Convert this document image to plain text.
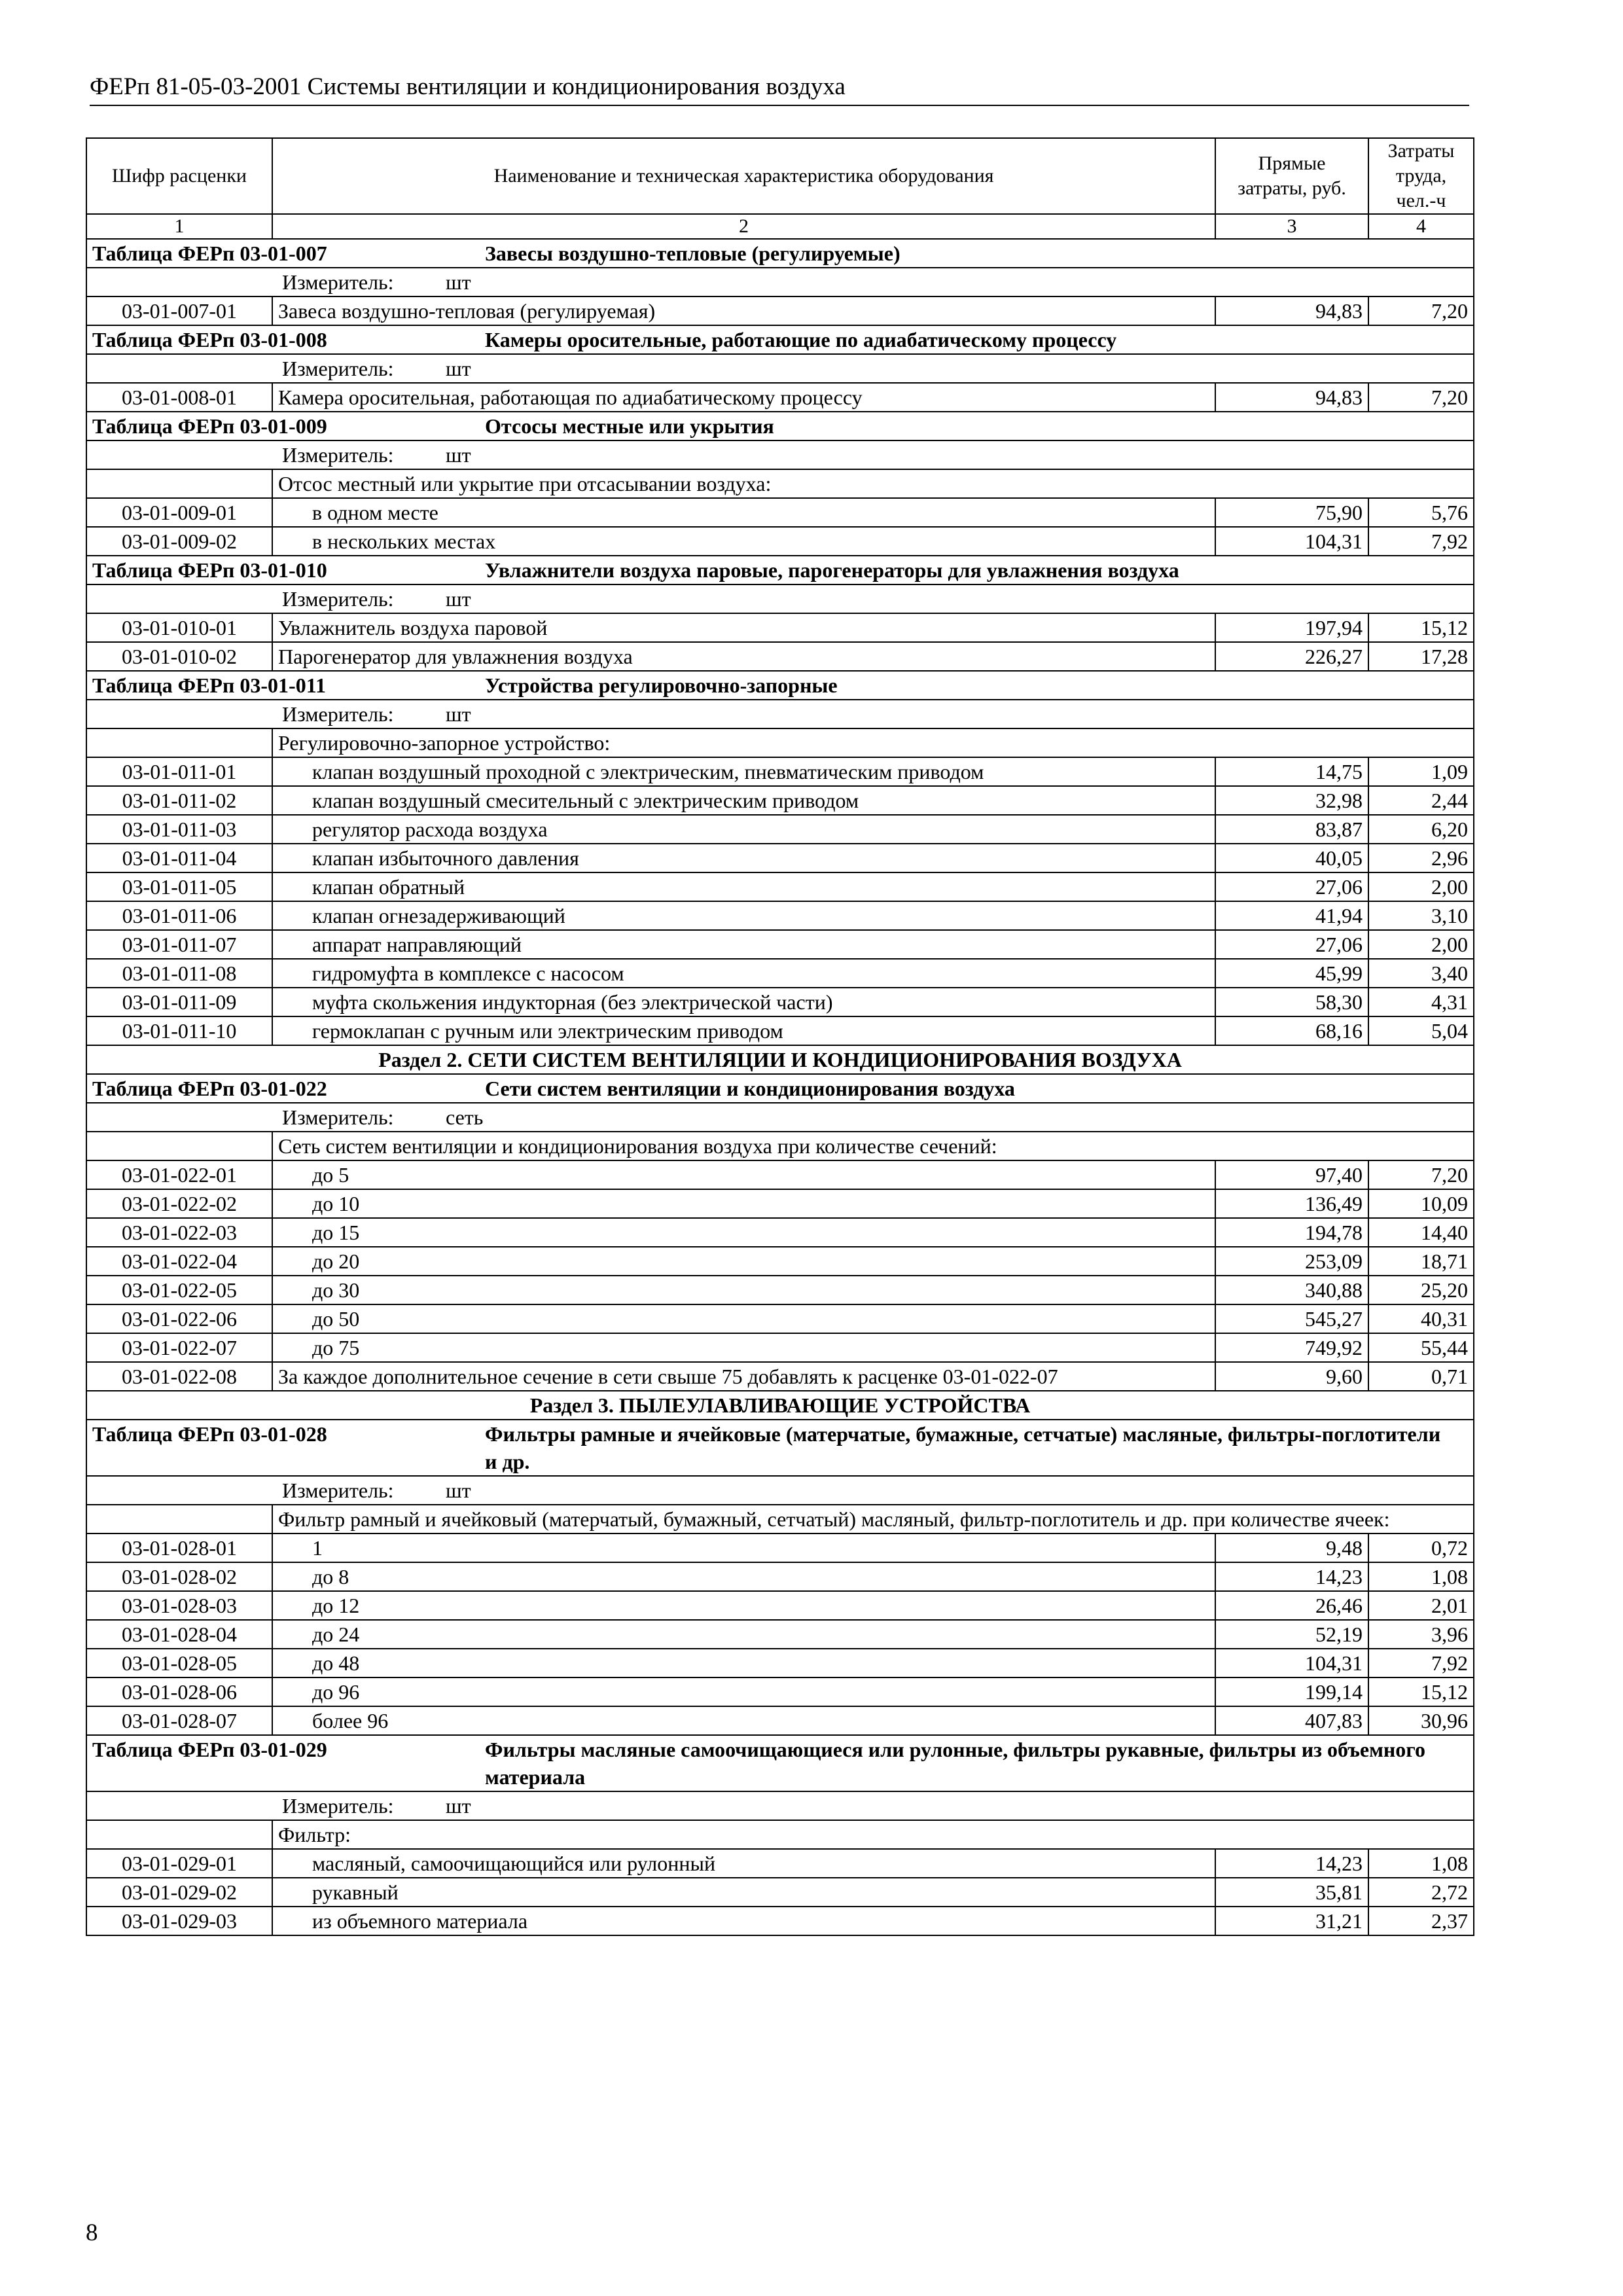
ФЕРп 81-05-03-2001 Системы вентиляции и кондиционирования воздуха
Шифр расценки	Наименование и техническая характеристика оборудования	Прямые затраты, руб.	Затраты труда, чел.-ч
1	2	3	4
Таблица ФЕРп 03-01-007 Завесы воздушно-тепловые (регулируемые)			
Измеритель: шт			
03-01-007-01	Завеса воздушно-тепловая (регулируемая)	94,83	7,20
Таблица ФЕРп 03-01-008 Камеры оросительные, работающие по адиабатическому процессу			
Измеритель: шт			
03-01-008-01	Камера оросительная, работающая по адиабатическому процессу	94,83	7,20
Таблица ФЕРп 03-01-009 Отсосы местные или укрытия			
Измеритель: шт			
	Отсос местный или укрытие при отсасывании воздуха:		
03-01-009-01	в одном месте	75,90	5,76
03-01-009-02	в нескольких местах	104,31	7,92
Таблица ФЕРп 03-01-010 Увлажнители воздуха паровые, парогенераторы для увлажнения воздуха			
Измеритель: шт			
03-01-010-01	Увлажнитель воздуха паровой	197,94	15,12
03-01-010-02	Парогенератор для увлажнения воздуха	226,27	17,28
Таблица ФЕРп 03-01-011 Устройства регулировочно-запорные			
Измеритель: шт			
	Регулировочно-запорное устройство:		
03-01-011-01	клапан воздушный проходной с электрическим, пневматическим приводом	14,75	1,09
03-01-011-02	клапан воздушный смесительный с электрическим приводом	32,98	2,44
03-01-011-03	регулятор расхода воздуха	83,87	6,20
03-01-011-04	клапан избыточного давления	40,05	2,96
03-01-011-05	клапан обратный	27,06	2,00
03-01-011-06	клапан огнезадерживающий	41,94	3,10
03-01-011-07	аппарат направляющий	27,06	2,00
03-01-011-08	гидромуфта в комплексе с насосом	45,99	3,40
03-01-011-09	муфта скольжения индукторная (без электрической части)	58,30	4,31
03-01-011-10	гермоклапан с ручным или электрическим приводом	68,16	5,04
Раздел 2. СЕТИ СИСТЕМ ВЕНТИЛЯЦИИ И КОНДИЦИОНИРОВАНИЯ ВОЗДУХА			
Таблица ФЕРп 03-01-022 Сети систем вентиляции и кондиционирования воздуха			
Измеритель: сеть			
	Сеть систем вентиляции и кондиционирования воздуха при количестве сечений:		
03-01-022-01	до 5	97,40	7,20
03-01-022-02	до 10	136,49	10,09
03-01-022-03	до 15	194,78	14,40
03-01-022-04	до 20	253,09	18,71
03-01-022-05	до 30	340,88	25,20
03-01-022-06	до 50	545,27	40,31
03-01-022-07	до 75	749,92	55,44
03-01-022-08	За каждое дополнительное сечение в сети свыше 75 добавлять к расценке 03-01-022-07	9,60	0,71
Раздел 3. ПЫЛЕУЛАВЛИВАЮЩИЕ УСТРОЙСТВА			
Таблица ФЕРп 03-01-028 Фильтры рамные и ячейковые (матерчатые, бумажные, сетчатые) масляные, фильтры-поглотители и др.			
Измеритель: шт			
	Фильтр рамный и ячейковый (матерчатый, бумажный, сетчатый) масляный, фильтр-поглотитель и др. при количестве ячеек:		
03-01-028-01	1	9,48	0,72
03-01-028-02	до 8	14,23	1,08
03-01-028-03	до 12	26,46	2,01
03-01-028-04	до 24	52,19	3,96
03-01-028-05	до 48	104,31	7,92
03-01-028-06	до 96	199,14	15,12
03-01-028-07	более 96	407,83	30,96
Таблица ФЕРп 03-01-029 Фильтры масляные самоочищающиеся или рулонные, фильтры рукавные, фильтры из объемного материала			
Измеритель: шт			
	Фильтр:		
03-01-029-01	масляный, самоочищающийся или рулонный	14,23	1,08
03-01-029-02	рукавный	35,81	2,72
03-01-029-03	из объемного материала	31,21	2,37
8
